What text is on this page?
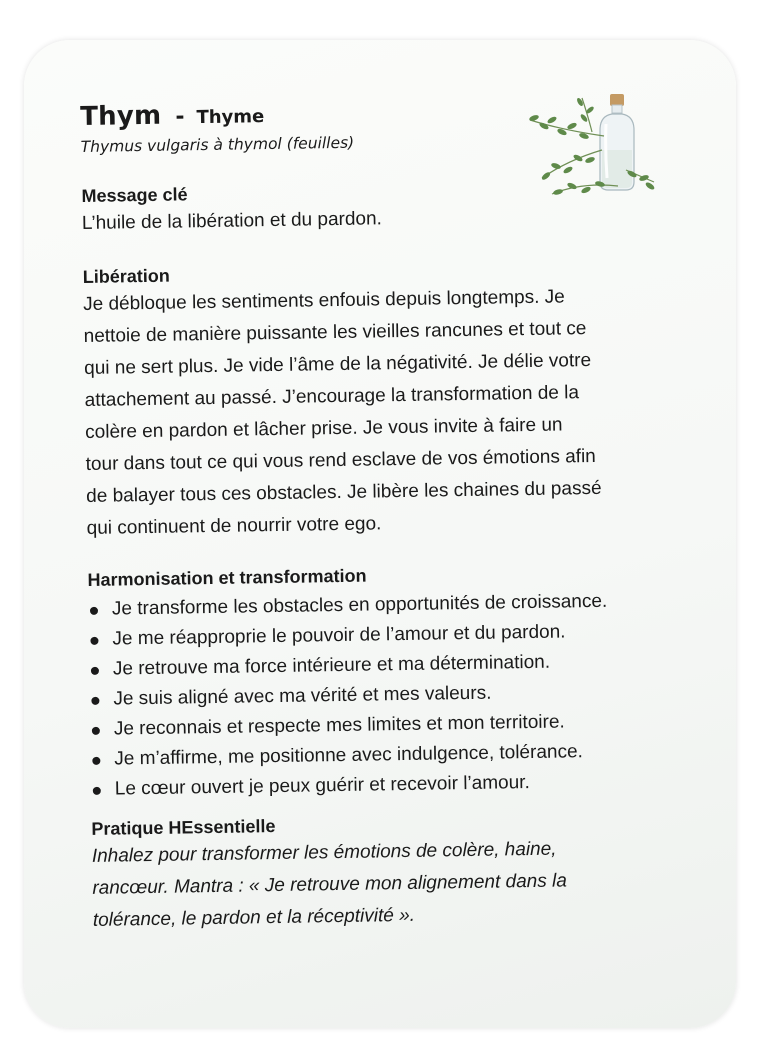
Thym - Thyme
Thymus vulgaris à thymol (feuilles)

Message clé

L’huile de la libération et du pardon.

Libération

Je débloque les sentiments enfouis depuis longtemps. Je

nettoie de manière puissante les vieilles rancunes et tout ce

qui ne sert plus. Je vide l’âme de la négativité. Je délie votre

attachement au passé. J’encourage la transformation de la

colère en pardon et lâcher prise. Je vous invite à faire un

tour dans tout ce qui vous rend esclave de vos émotions afin

de balayer tous ces obstacles. Je libère les chaines du passé

qui continuent de nourrir votre ego.

Harmonisation et transformation

Je transforme les obstacles en opportunités de croissance.
Je me réapproprie le pouvoir de l’amour et du pardon.
Je retrouve ma force intérieure et ma détermination.
Je suis aligné avec ma vérité et mes valeurs.
Je reconnais et respecte mes limites et mon territoire.
Je m’affirme, me positionne avec indulgence, tolérance.
Le cœur ouvert je peux guérir et recevoir l’amour.

Pratique HEssentielle

Inhalez pour transformer les émotions de colère, haine,

rancœur. Mantra : « Je retrouve mon alignement dans la

tolérance, le pardon et la réceptivité ».
